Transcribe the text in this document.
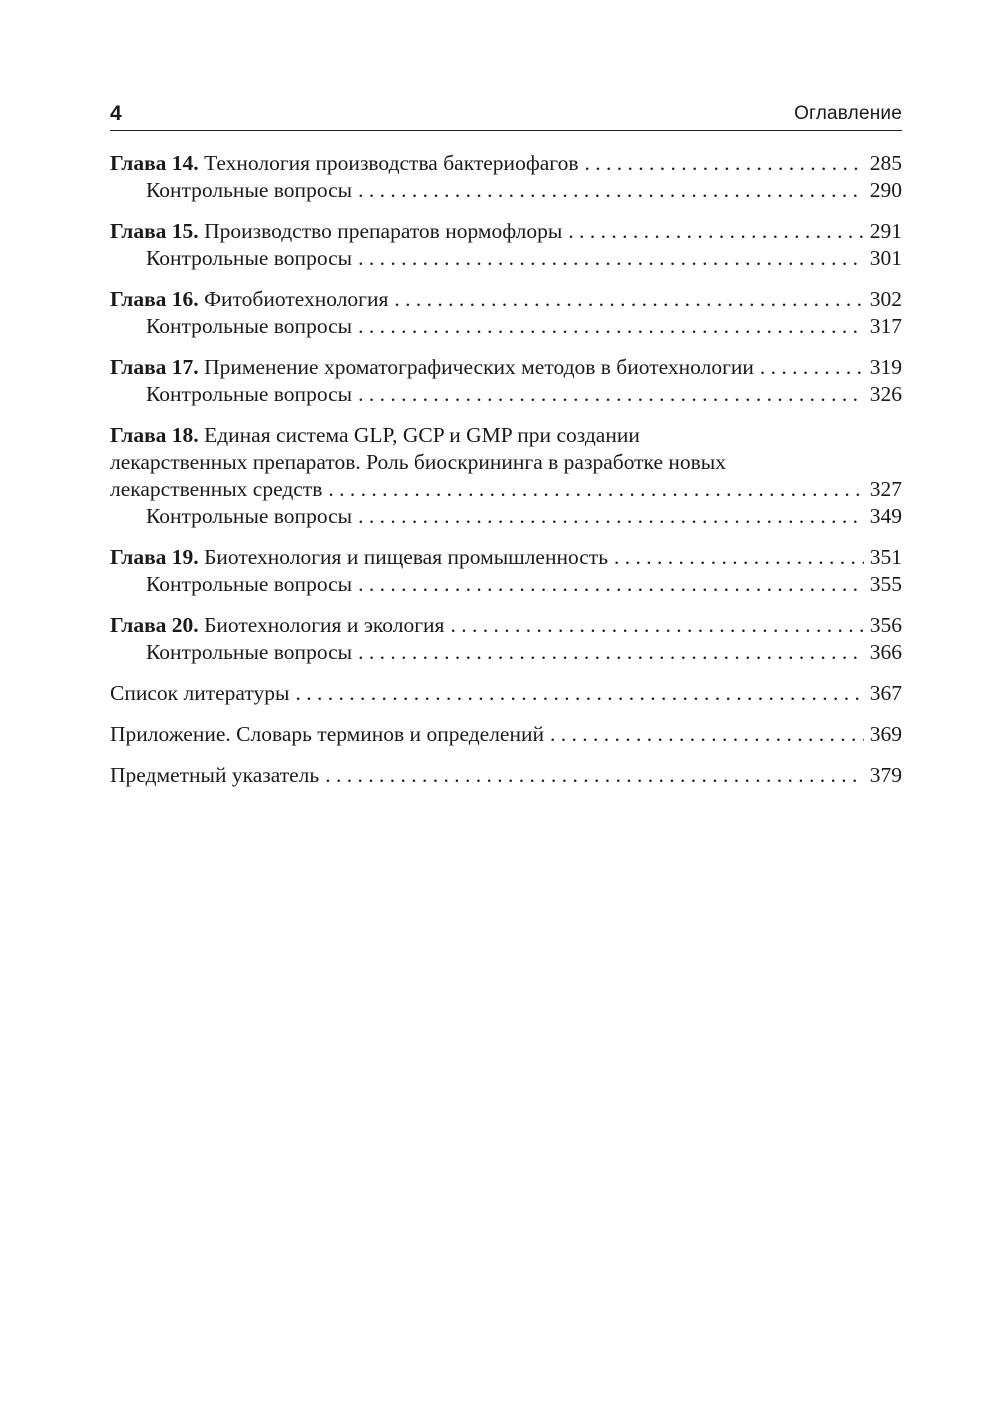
4	Оглавление
Глава 14. Технология производства бактериофагов . . .	285
Контрольные вопросы . . .	290
Глава 15. Производство препаратов нормофлоры . . .	291
Контрольные вопросы . . .	301
Глава 16. Фитобиотехнология . . .	302
Контрольные вопросы . . .	317
Глава 17. Применение хроматографических методов в биотехнологии . . .	319
Контрольные вопросы . . .	326
Глава 18. Единая система GLP, GCP и GMP при создании
лекарственных препаратов. Роль биоскрининга в разработке новых
лекарственных средств . . .	327
Контрольные вопросы . . .	349
Глава 19. Биотехнология и пищевая промышленность . . .	351
Контрольные вопросы . . .	355
Глава 20. Биотехнология и экология . . .	356
Контрольные вопросы . . .	366
Список литературы . . .	367
Приложение. Словарь терминов и определений . . .	369
Предметный указатель . . .	379
